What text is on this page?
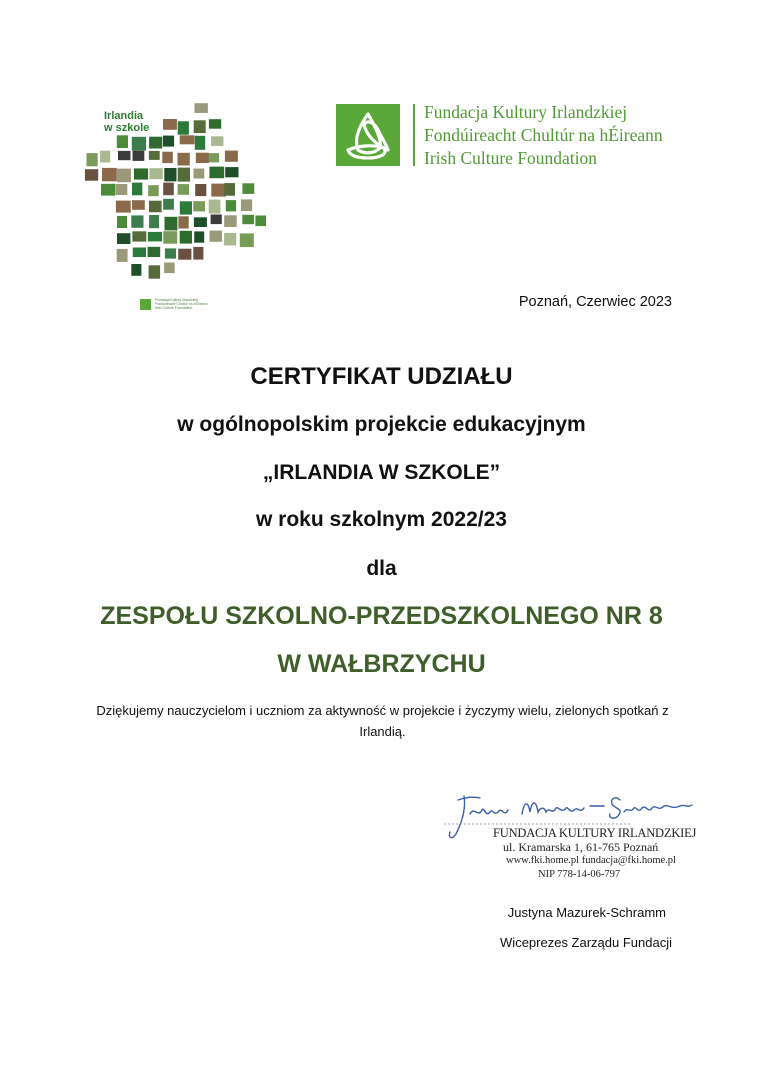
Irlandia
w szkole
Fundacja Kultury Irlandzkiej
Fondúireacht Chultúr na hÉireann
Irish Culture Foundation
Fundacja Kultury Irlandzkiej
Fondúireacht Chultúr na hÉireann
Irish Culture Foundation
Poznań, Czerwiec 2023
CERTYFIKAT UDZIAŁU
w ogólnopolskim projekcie edukacyjnym
„IRLANDIA W SZKOLE”
w roku szkolnym 2022/23
dla
ZESPOŁU SZKOLNO-PRZEDSZKOLNEGO NR 8
W WAŁBRZYCHU
Dziękujemy nauczycielom i uczniom za aktywność w projekcie i życzymy wielu, zielonych spotkań z Irlandią.
FUNDACJA KULTURY IRLANDZKIEJ
ul. Kramarska 1, 61-765 Poznań
www.fki.home.pl fundacja@fki.home.pl
NIP 778-14-06-797
Justyna Mazurek-Schramm
Wiceprezes Zarządu Fundacji
